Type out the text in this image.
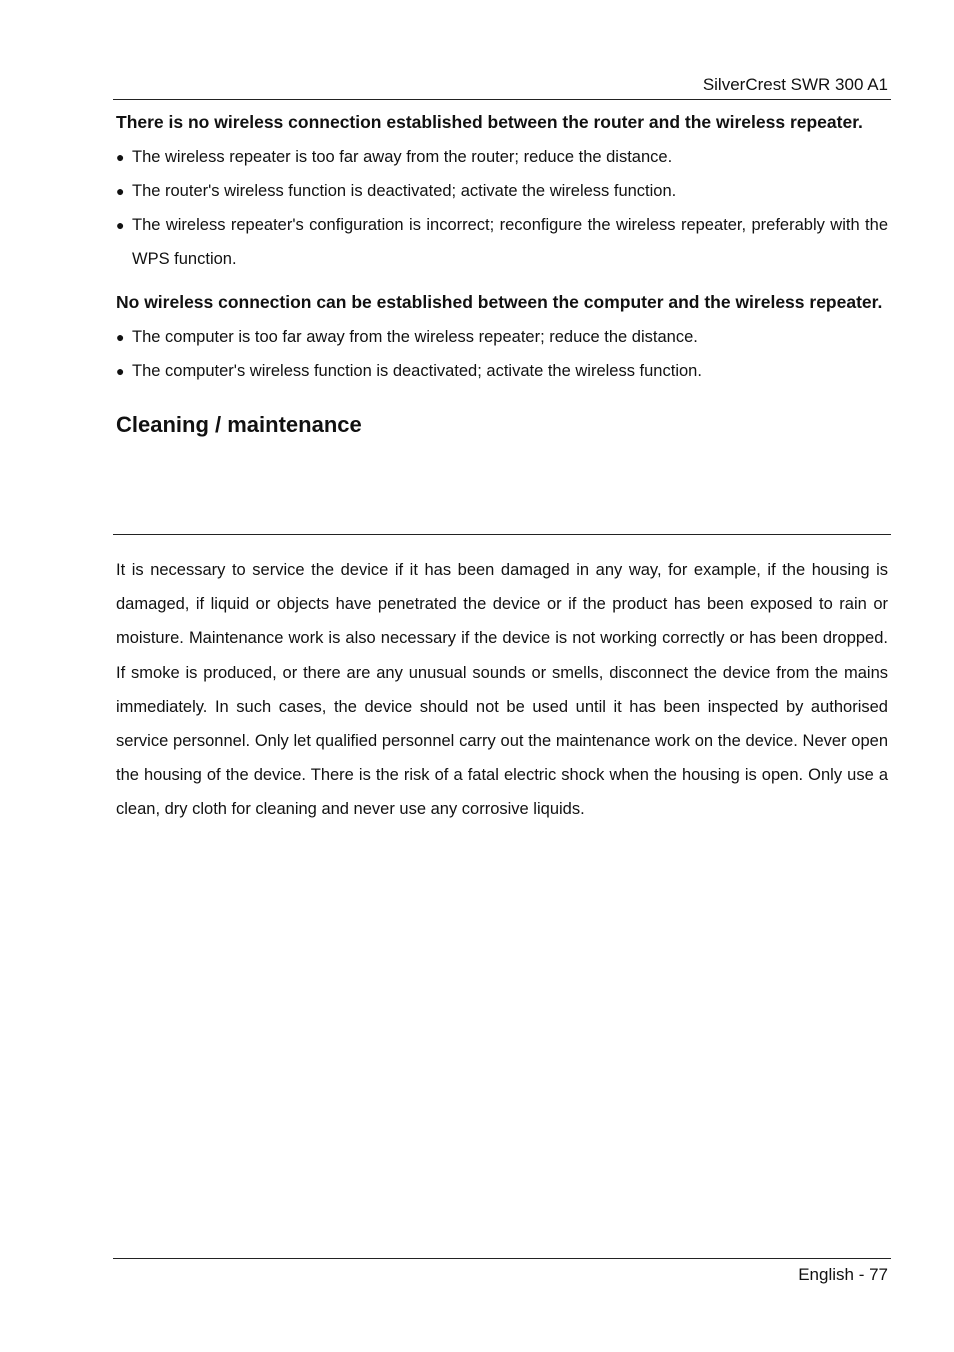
SilverCrest SWR 300 A1

There is no wireless connection established between the router and the wireless repeater.

● The wireless repeater is too far away from the router; reduce the distance.
● The router's wireless function is deactivated; activate the wireless function.
● The wireless repeater's configuration is incorrect; reconfigure the wireless repeater, preferably with the WPS function.

No wireless connection can be established between the computer and the wireless repeater.

● The computer is too far away from the wireless repeater; reduce the distance.
● The computer's wireless function is deactivated; activate the wireless function.
Cleaning / maintenance

It is necessary to service the device if it has been damaged in any way, for example, if the housing is damaged, if liquid or objects have penetrated the device or if the product has been exposed to rain or moisture. Maintenance work is also necessary if the device is not working correctly or has been dropped. If smoke is produced, or there are any unusual sounds or smells, disconnect the device from the mains immediately. In such cases, the device should not be used until it has been inspected by authorised service personnel. Only let qualified personnel carry out the maintenance work on the device. Never open the housing of the device. There is the risk of a fatal electric shock when the housing is open. Only use a clean, dry cloth for cleaning and never use any corrosive liquids.

English - 77
